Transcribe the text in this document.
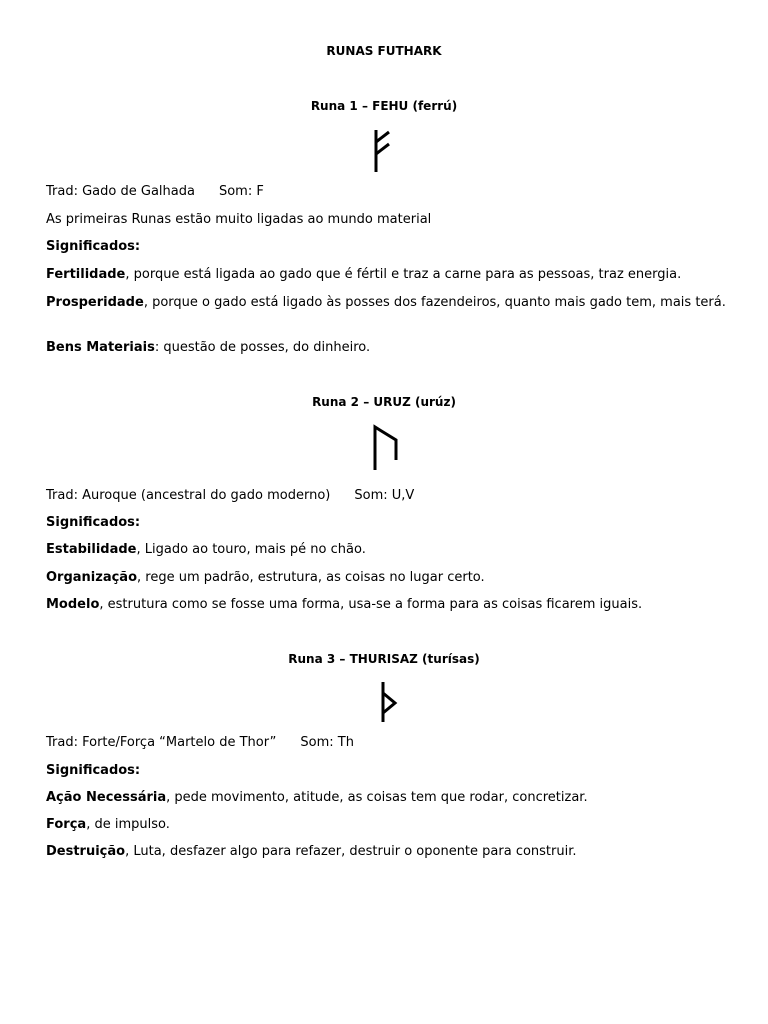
RUNAS FUTHARK
Runa 1 – FEHU (ferrú)
Trad: Gado de Galhada Som: F
As primeiras Runas estão muito ligadas ao mundo material
Significados:
Fertilidade, porque está ligada ao gado que é fértil e traz a carne para as pessoas, traz energia.
Prosperidade, porque o gado está ligado às posses dos fazendeiros, quanto mais gado tem, mais terá.
Bens Materiais: questão de posses, do dinheiro.
Runa 2 – URUZ (urúz)
Trad: Auroque (ancestral do gado moderno) Som: U,V
Significados:
Estabilidade, Ligado ao touro, mais pé no chão.
Organização, rege um padrão, estrutura, as coisas no lugar certo.
Modelo, estrutura como se fosse uma forma, usa-se a forma para as coisas ficarem iguais.
Runa 3 – THURISAZ (turísas)
Trad: Forte/Força “Martelo de Thor” Som: Th
Significados:
Ação Necessária, pede movimento, atitude, as coisas tem que rodar, concretizar.
Força, de impulso.
Destruição, Luta, desfazer algo para refazer, destruir o oponente para construir.
